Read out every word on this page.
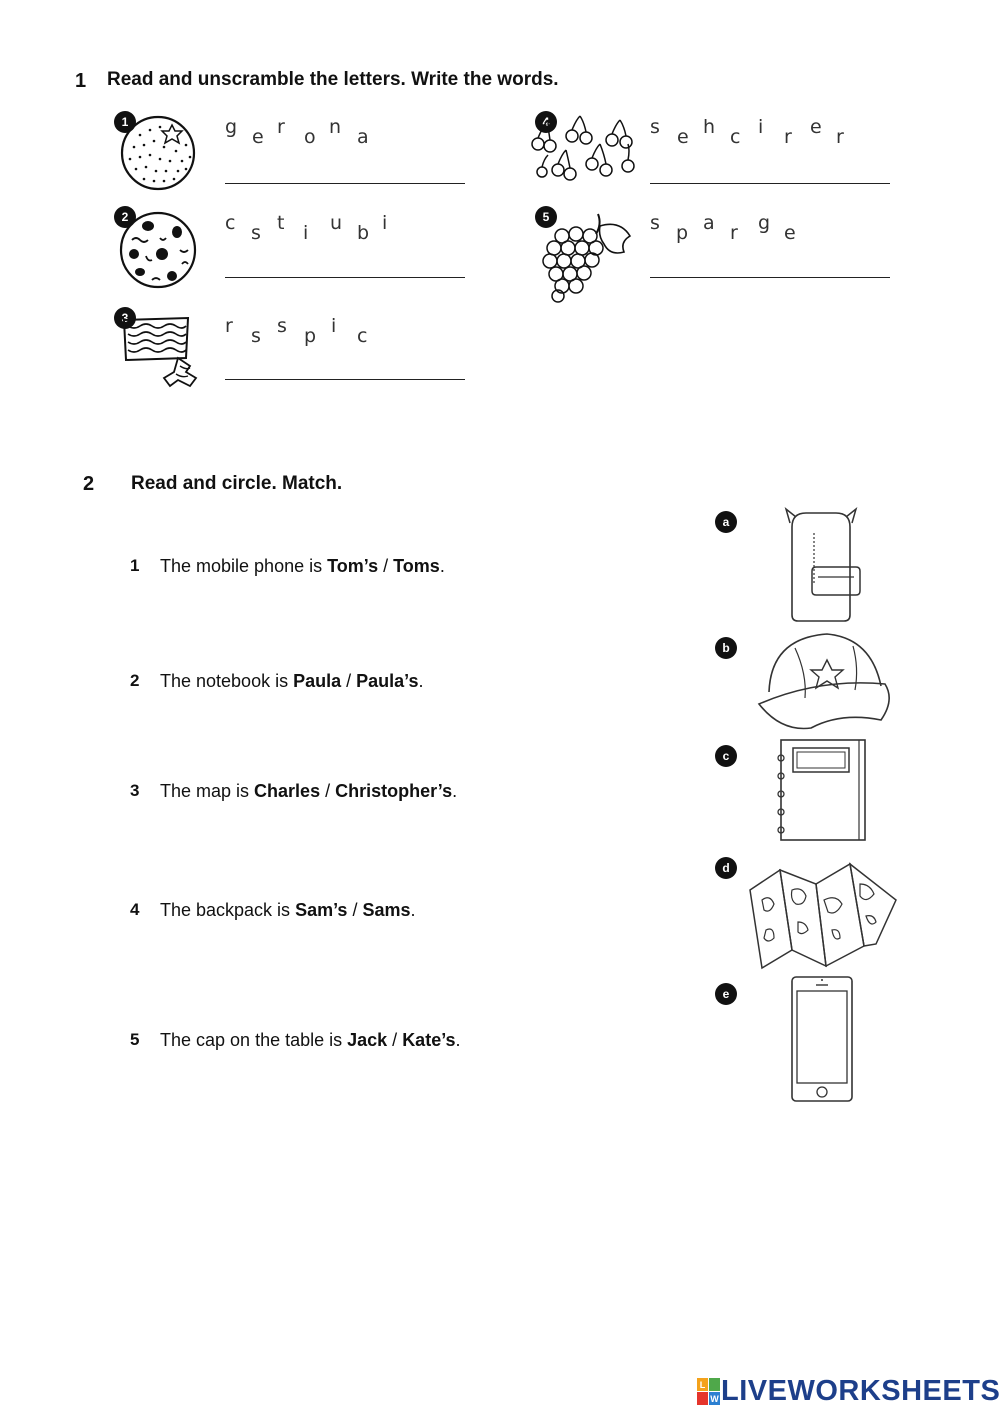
1 Read and unscramble the letters. Write the words.
1	g e r o n a
2	c s t i u b i
3	r s s p i c
4	s e h c i r e r
5	s p a r g e
2 Read and circle. Match.
1 The mobile phone is Tom’s / Toms.
2 The notebook is Paula / Paula’s.
3 The map is Charles / Christopher’s.
4 The backpack is Sam’s / Sams.
5 The cap on the table is Jack / Kate’s.
a
b
c
d
e
L
W LIVEWORKSHEETS
